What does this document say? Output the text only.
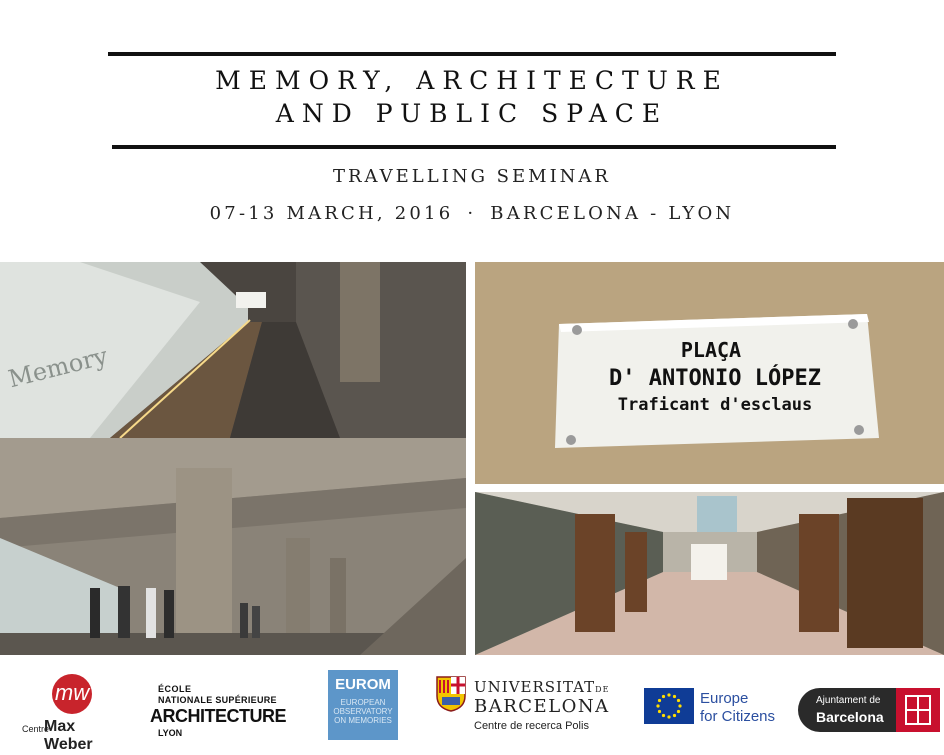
MEMORY, ARCHITECTURE
AND PUBLIC SPACE
TRAVELLING SEMINAR
07-13 MARCH, 2016 · BARCELONA - LYON
Memory	PLAÇA
D' ANTONIO LÓPEZ
Traficant d'esclaus
mw
Centre
Max Weber
ÉCOLE
NATIONALE SUPÉRIEURE
ARCHITECTURE
LYON
EUROM
EUROPEAN
OBSERVATORY
ON MEMORIES
UNIVERSITATDE
BARCELONA
Centre de recerca Polis
Europe
for Citizens
Ajuntament de
Barcelona
